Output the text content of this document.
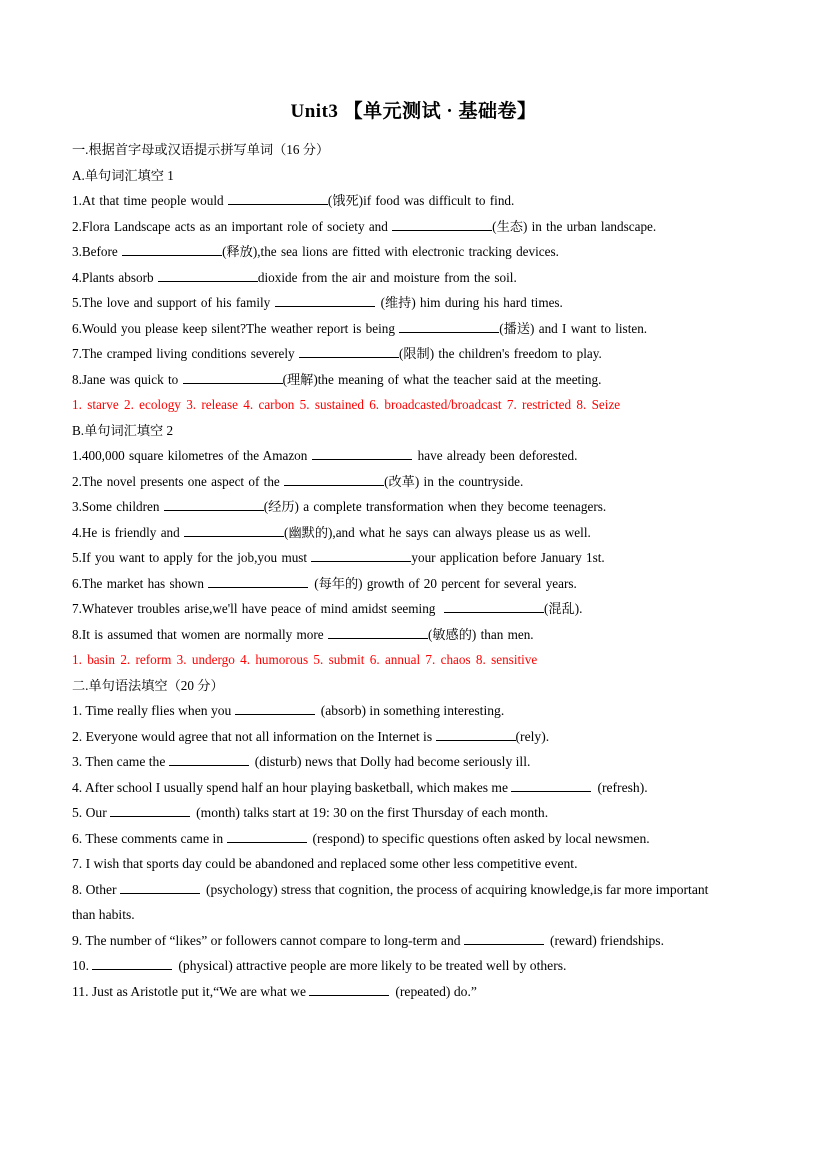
Unit3 【单元测试 · 基础卷】

一.根据首字母或汉语提示拼写单词（16 分）

A.单句词汇填空 1

1.At that time people would	(饿死)if food was difficult to find.

2.Flora Landscape acts as an important role of society and	(生态) in the urban landscape.

3.Before	(释放),the sea lions are fitted with electronic tracking devices.

4.Plants absorb	dioxide from the air and moisture from the soil.

5.The love and support of his family	(维持) him during his hard times.

6.Would you please keep silent?The weather report is being	(播送) and I want to listen.

7.The cramped living conditions severely	(限制) the children's freedom to play.

8.Jane was quick to	(理解)the meaning of what the teacher said at the meeting.

1. starve 2. ecology 3. release 4. carbon 5. sustained 6. broadcasted/broadcast 7. restricted 8. Seize

B.单句词汇填空 2

1.400,000 square kilometres of the Amazon	have already been deforested.

2.The novel presents one aspect of the	(改革) in the countryside.

3.Some children	(经历) a complete transformation when they become teenagers.

4.He is friendly and	(幽默的),and what he says can always please us as well.

5.If you want to apply for the job,you must	your application before January 1st.

6.The market has shown	(每年的) growth of 20 percent for several years.

7.Whatever troubles arise,we'll have peace of mind amidst seeming	(混乱).

8.It is assumed that women are normally more	(敏感的) than men.

1. basin 2. reform 3. undergo 4. humorous 5. submit 6. annual 7. chaos 8. sensitive

二.单句语法填空（20 分）

1. Time really flies when you	(absorb) in something interesting.

2. Everyone would agree that not all information on the Internet is	(rely).

3. Then came the	(disturb) news that Dolly had become seriously ill.

4. After school I usually spend half an hour playing basketball, which makes me	(refresh).

5. Our	(month) talks start at 19: 30 on the first Thursday of each month.

6. These comments came in	(respond) to specific questions often asked by local newsmen.

7. I wish that sports day could be abandoned and replaced some other less competitive event.

8. Other	(psychology) stress that cognition, the process of acquiring knowledge,is far more important

than habits.

9. The number of “likes” or followers cannot compare to long-term and	(reward) friendships.

10.	(physical) attractive people are more likely to be treated well by others.

11. Just as Aristotle put it,“We are what we	(repeated) do.”
